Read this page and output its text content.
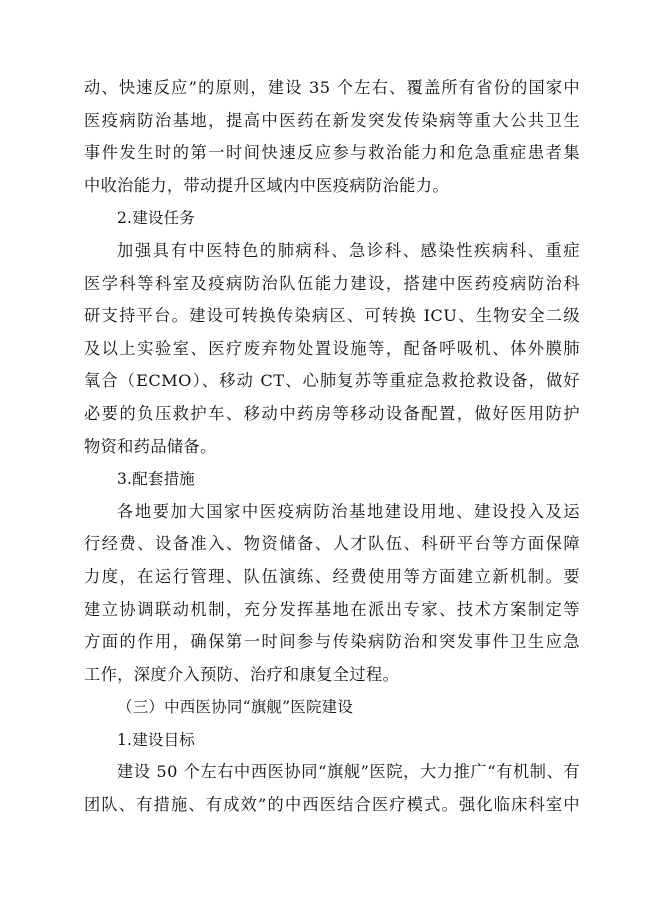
动、快速反应”的原则，建设 35 个左右、覆盖所有省份的国家中
医疫病防治基地，提高中医药在新发突发传染病等重大公共卫生
事件发生时的第一时间快速反应参与救治能力和危急重症患者集
中收治能力，带动提升区域内中医疫病防治能力。
2.建设任务
加强具有中医特色的肺病科、急诊科、感染性疾病科、重症
医学科等科室及疫病防治队伍能力建设，搭建中医药疫病防治科
研支持平台。建设可转换传染病区、可转换 ICU、生物安全二级
及以上实验室、医疗废弃物处置设施等，配备呼吸机、体外膜肺
氧合（ECMO）、移动 CT、心肺复苏等重症急救抢救设备，做好
必要的负压救护车、移动中药房等移动设备配置，做好医用防护
物资和药品储备。
3.配套措施
各地要加大国家中医疫病防治基地建设用地、建设投入及运
行经费、设备准入、物资储备、人才队伍、科研平台等方面保障
力度，在运行管理、队伍演练、经费使用等方面建立新机制。要
建立协调联动机制，充分发挥基地在派出专家、技术方案制定等
方面的作用，确保第一时间参与传染病防治和突发事件卫生应急
工作，深度介入预防、治疗和康复全过程。
（三）中西医协同“旗舰”医院建设
1.建设目标
建设 50 个左右中西医协同“旗舰”医院，大力推广“有机制、有
团队、有措施、有成效”的中西医结合医疗模式。强化临床科室中
